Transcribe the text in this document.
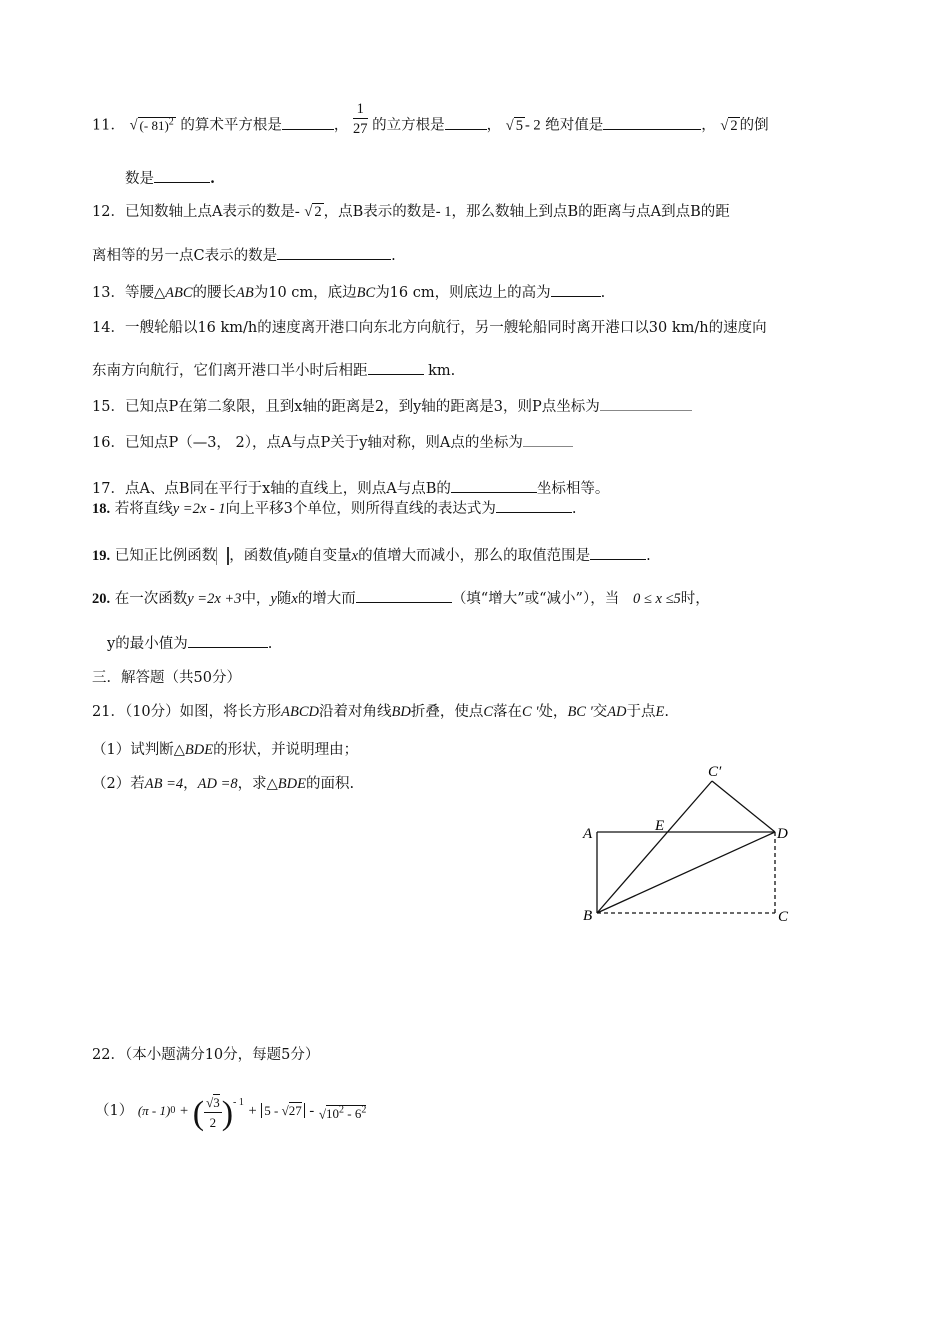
11． √ (- 81)$^2$ 的算术平方根是	， $\frac{1}{27}$ 的立方根是	， √ 5 - 2 绝对值是	， √ 2 的倒
数是	.
12．已知数轴上点A表示的数是- √ 2 ，点B表示的数是- 1，那么数轴上到点B的距离与点A到点B的距
离相等的另一点C表示的数是	.
13．等腰△ABC的腰长AB为10 cm，底边BC为16 cm，则底边上的高为	.
14．一艘轮船以16 km/h的速度离开港口向东北方向航行，另一艘轮船同时离开港口以30 km/h的速度向
东南方向航行，它们离开港口半小时后相距	km.
15．已知点P在第二象限，且到x轴的距离是2，到y轴的距离是3，则P点坐标为
16．已知点P（—3， 2），点A与点P关于y轴对称，则A点的坐标为
17．点A、点B同在平行于x轴的直线上，则点A与点B的	坐标相等。
18. 若将直线y =2x - 1向上平移3个单位，则所得直线的表达式为	.
19. 已知正比例函数 ，函数值y随自变量x的值增大而减小，那么的取值范围是	.
20. 在一次函数y =2x +3中，y随x的增大而	（填“增大”或“减小”），当 0 ≤ x ≤5时，
y的最小值为	.
三．解答题（共50分）
21．（10分）如图，将长方形ABCD沿着对角线BD折叠，使点C落在C '处，BC '交AD于点E.
（1）试判断△BDE的形状，并说明理由；
（2）若AB =4，AD =8，求△BDE的面积.
C′
A	E	D
B	C
22．（本小题满分10分，每题5分）
（1） (π - 1)$^0$ + ( $\frac{√3}{2} )^{- 1} + 5 - √27 - √10^2 - 6^2$
